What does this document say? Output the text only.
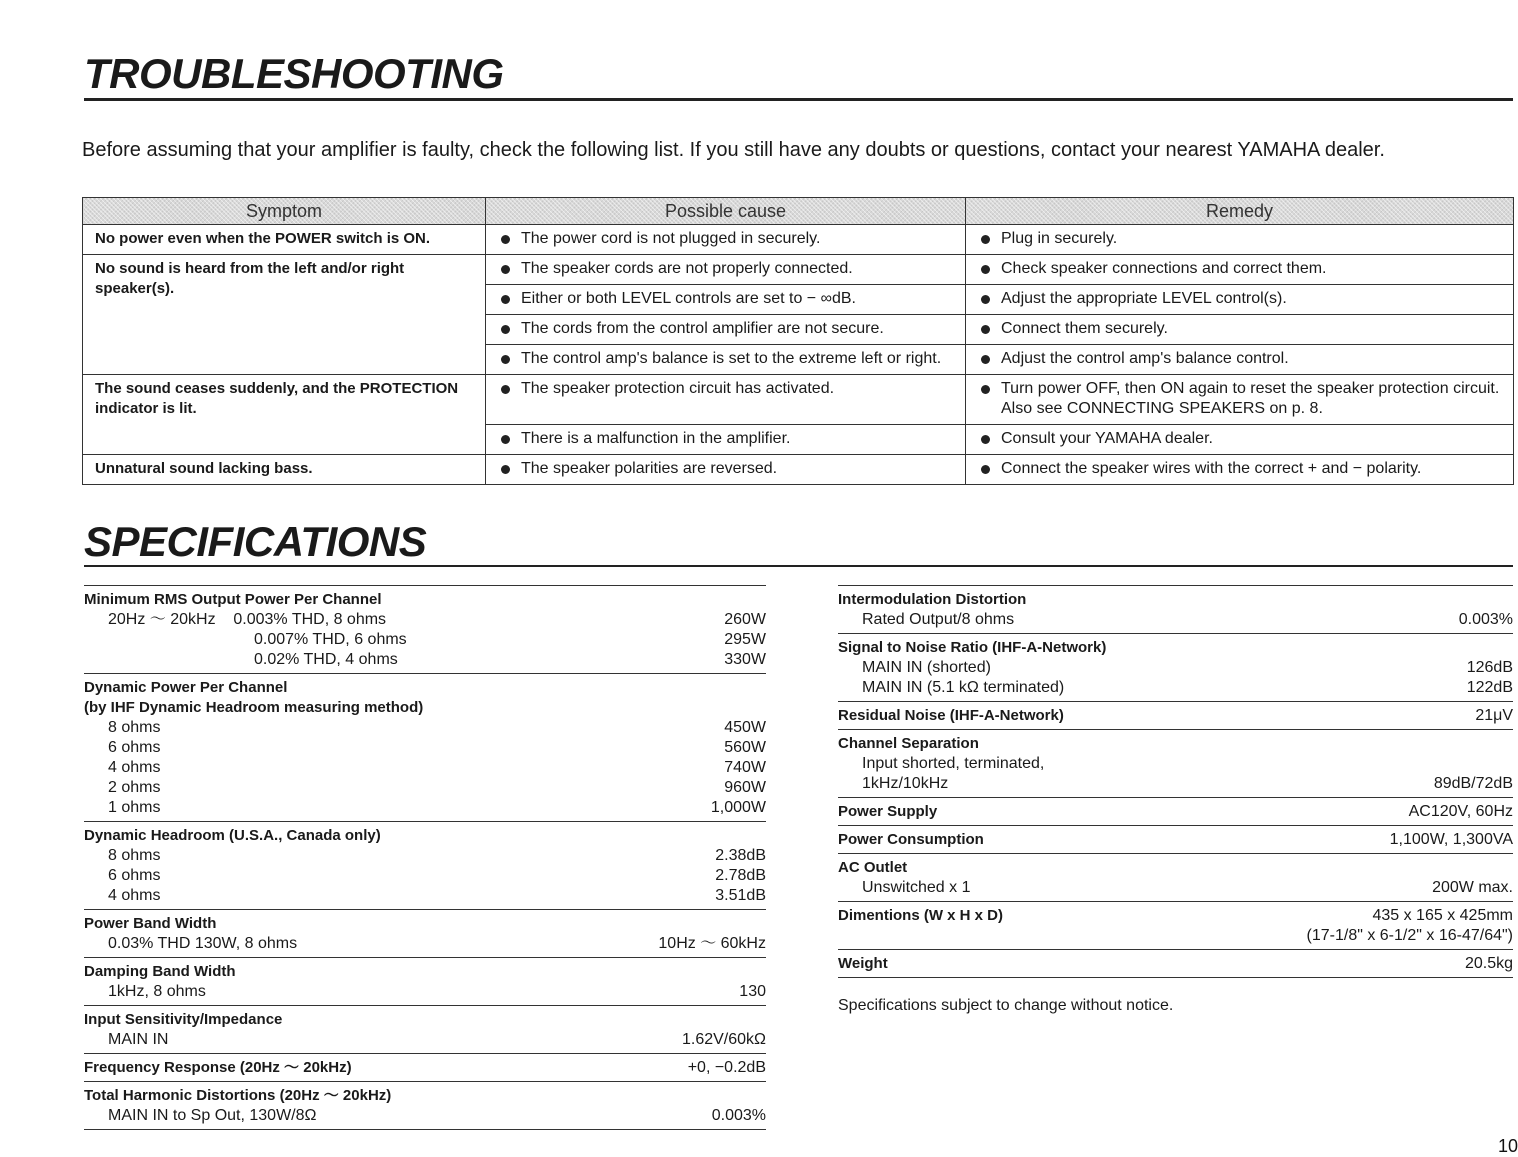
TROUBLESHOOTING

Before assuming that your amplifier is faulty, check the following list. If you still have any doubts or questions, contact your nearest YAMAHA dealer.

Symptom	Possible cause	Remedy
No power even when the POWER switch is ON.	The power cord is not plugged in securely.	Plug in securely.

No sound is heard from the left and/or right speaker(s).	The speaker cords are not properly connected.	Check speaker connections and correct them.

	Either or both LEVEL controls are set to − ∞dB.	Adjust the appropriate LEVEL control(s).

	The cords from the control amplifier are not secure.	Connect them securely.

	The control amp's balance is set to the extreme left or right.	Adjust the control amp's balance control.

The sound ceases suddenly, and the PROTECTION indicator is lit.	The speaker protection circuit has activated.	Turn power OFF, then ON again to reset the speaker protection circuit. Also see CONNECTING SPEAKERS on p. 8.

	There is a malfunction in the amplifier.	Consult your YAMAHA dealer.

Unnatural sound lacking bass.	The speaker polarities are reversed.	Connect the speaker wires with the correct + and − polarity.
SPECIFICATIONS
Minimum RMS Output Power Per Channel
20Hz ～ 20kHz 0.003% THD, 8 ohms	260W
0.007% THD, 6 ohms	295W
0.02% THD, 4 ohms	330W
Dynamic Power Per Channel
(by IHF Dynamic Headroom measuring method)
8 ohms	450W
6 ohms	560W
4 ohms	740W
2 ohms	960W
1 ohms	1,000W
Dynamic Headroom (U.S.A., Canada only)
8 ohms	2.38dB
6 ohms	2.78dB
4 ohms	3.51dB
Power Band Width
0.03% THD 130W, 8 ohms	10Hz ～ 60kHz
Damping Band Width
1kHz, 8 ohms	130
Input Sensitivity/Impedance
MAIN IN	1.62V/60kΩ
Frequency Response (20Hz ～ 20kHz)	+0, −0.2dB
Total Harmonic Distortions (20Hz ～ 20kHz)
MAIN IN to Sp Out, 130W/8Ω	0.003%
Intermodulation Distortion
Rated Output/8 ohms	0.003%
Signal to Noise Ratio (IHF-A-Network)
MAIN IN (shorted)	126dB
MAIN IN (5.1 kΩ terminated)	122dB
Residual Noise (IHF-A-Network)	21μV
Channel Separation
Input shorted, terminated,
1kHz/10kHz	89dB/72dB
Power Supply	AC120V, 60Hz
Power Consumption	1,100W, 1,300VA
AC Outlet
Unswitched x 1	200W max.
Dimentions (W x H x D)	435 x 165 x 425mm
(17-1/8" x 6-1/2" x 16-47/64")
Weight	20.5kg
Specifications subject to change without notice.
10
